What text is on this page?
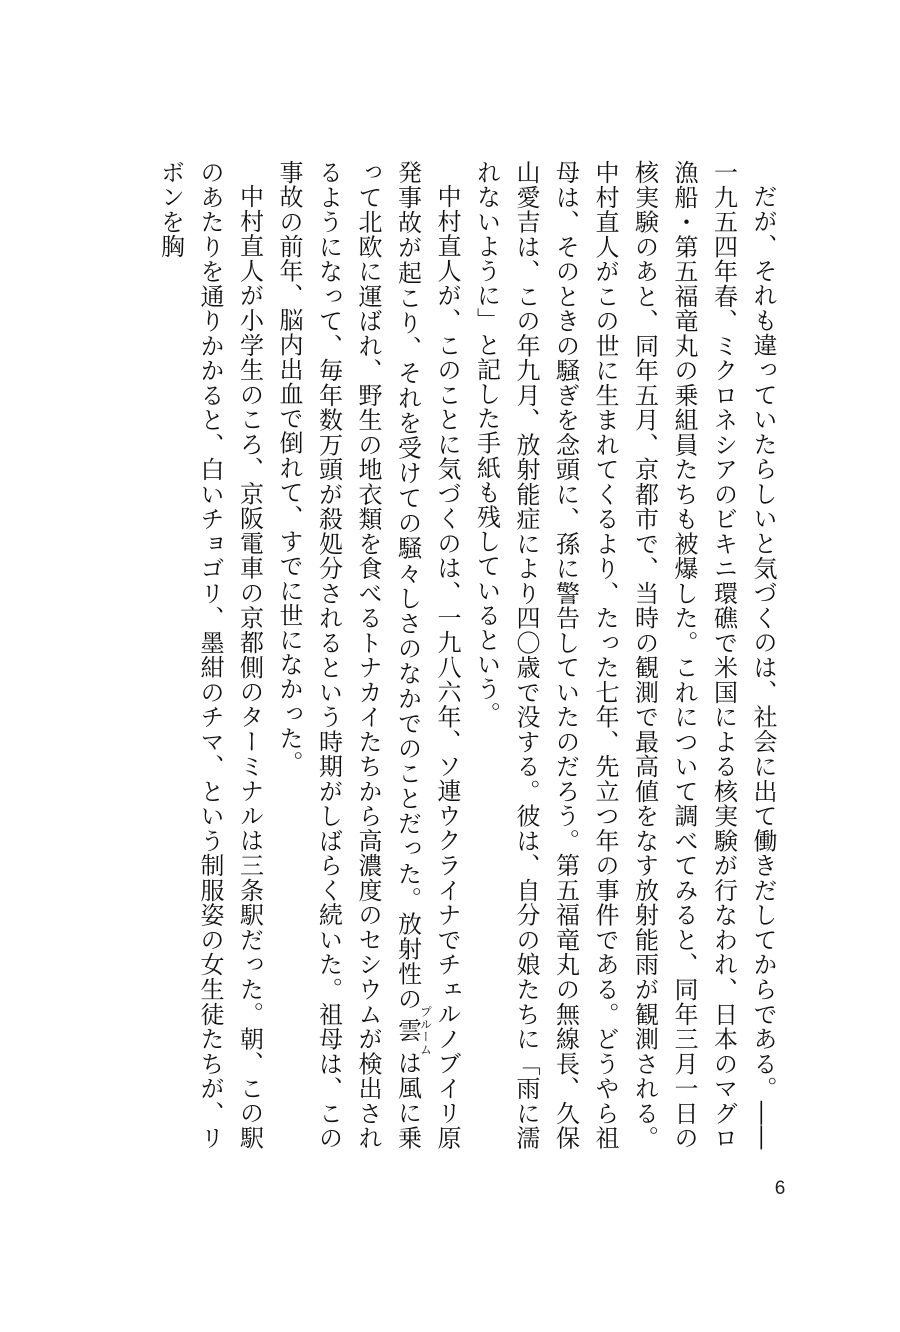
だが、それも違っていたらしいと気づくのは、社会に出て働きだしてからである。――一九五四年春、ミクロネシアのビキニ環礁で米国による核実験が行なわれ、日本のマグロ漁船・第五福竜丸の乗組員たちも被爆した。これについて調べてみると、同年三月一日の核実験のあと、同年五月、京都市で、当時の観測で最高値をなす放射能雨が観測される。中村直人がこの世に生まれてくるより、たった七年、先立つ年の事件である。どうやら祖母は、そのときの騒ぎを念頭に、孫に警告していたのだろう。第五福竜丸の無線長、久保山愛吉は、この年九月、放射能症により四〇歳で没する。彼は、自分の娘たちに「雨に濡れないように」と記した手紙も残しているという。

中村直人が、このことに気づくのは、一九八六年、ソ連ウクライナでチェルノブイリ原発事故が起こり、それを受けての騒々しさのなかでのことだった。放射性の雲プルームは風に乗って北欧に運ばれ、野生の地衣類を食べるトナカイたちから高濃度のセシウムが検出されるようになって、毎年数万頭が殺処分されるという時期がしばらく続いた。祖母は、この事故の前年、脳内出血で倒れて、すでに世になかった。

中村直人が小学生のころ、京阪電車の京都側のターミナルは三条駅だった。朝、この駅のあたりを通りかかると、白いチョゴリ、墨紺のチマ、という制服姿の女生徒たちが、リボンを胸

6
